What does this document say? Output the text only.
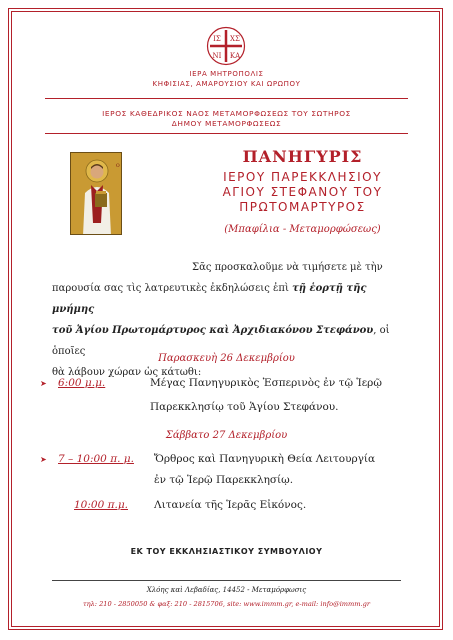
ΙΣ ΧΣ
ΝΙ ΚΑ
ΙΕΡΑ ΜΗΤΡΟΠΟΛΙΣ
ΚΗΦΙΣΙΑΣ, ΑΜΑΡΟΥΣΙΟΥ ΚΑΙ ΩΡΩΠΟΥ
ΙΕΡΟΣ ΚΑΘΕΔΡΙΚΟΣ ΝΑΟΣ ΜΕΤΑΜΟΡΦΩΣΕΩΣ ΤΟΥ ΣΩΤΗΡΟΣ
ΔΗΜΟΥ ΜΕΤΑΜΟΡΦΩΣΕΩΣ
Ο
ΠΑΝΗΓΥΡΙΣ
ΙΕΡΟΥ ΠΑΡΕΚΚΛΗΣΙΟΥ
ΑΓΙΟΥ ΣΤΕΦΑΝΟΥ ΤΟΥ
ΠΡΩΤΟΜΑΡΤΥΡΟΣ
(Μπαφίλια - Μεταμορφώσεως)
Σᾶς προσκαλοῦμε νὰ τιμήσετε μὲ τὴν
παρουσία σας τὶς λατρευτικὲς ἐκδηλώσεις ἐπὶ τῇ ἑορτῇ τῆς μνήμης
τοῦ Ἁγίου Πρωτομάρτυρος καὶ Ἀρχιδιακόνου Στεφάνου, οἱ ὁποῖες
θὰ λάβουν χώραν ὡς κάτωθι:
Παρασκευὴ 26 Δεκεμβρίου
➤ 6:00 μ.μ.	Μέγας Πανηγυρικὸς Ἑσπερινὸς ἐν τῷ Ἱερῷ
Παρεκκλησίῳ τοῦ Ἁγίου Στεφάνου.
Σάββατο 27 Δεκεμβρίου
➤ 7 – 10:00 π. μ. Ὄρθρος καὶ Πανηγυρικὴ Θεία Λειτουργία
ἐν τῷ Ἱερῷ Παρεκκλησίῳ.
10:00 π.μ. Λιτανεία τῆς Ἱερᾶς Εἰκόνος.
ΕΚ ΤΟΥ ΕΚΚΛΗΣΙΑΣΤΙΚΟΥ ΣΥΜΒΟΥΛΙΟΥ
Χλόης καὶ Λεβαδίας, 14452 - Μεταμόρφωσις
τηλ: 210 - 2850050 & φαξ: 210 - 2815706, site: www.immm.gr, e-mail: info@immm.gr
